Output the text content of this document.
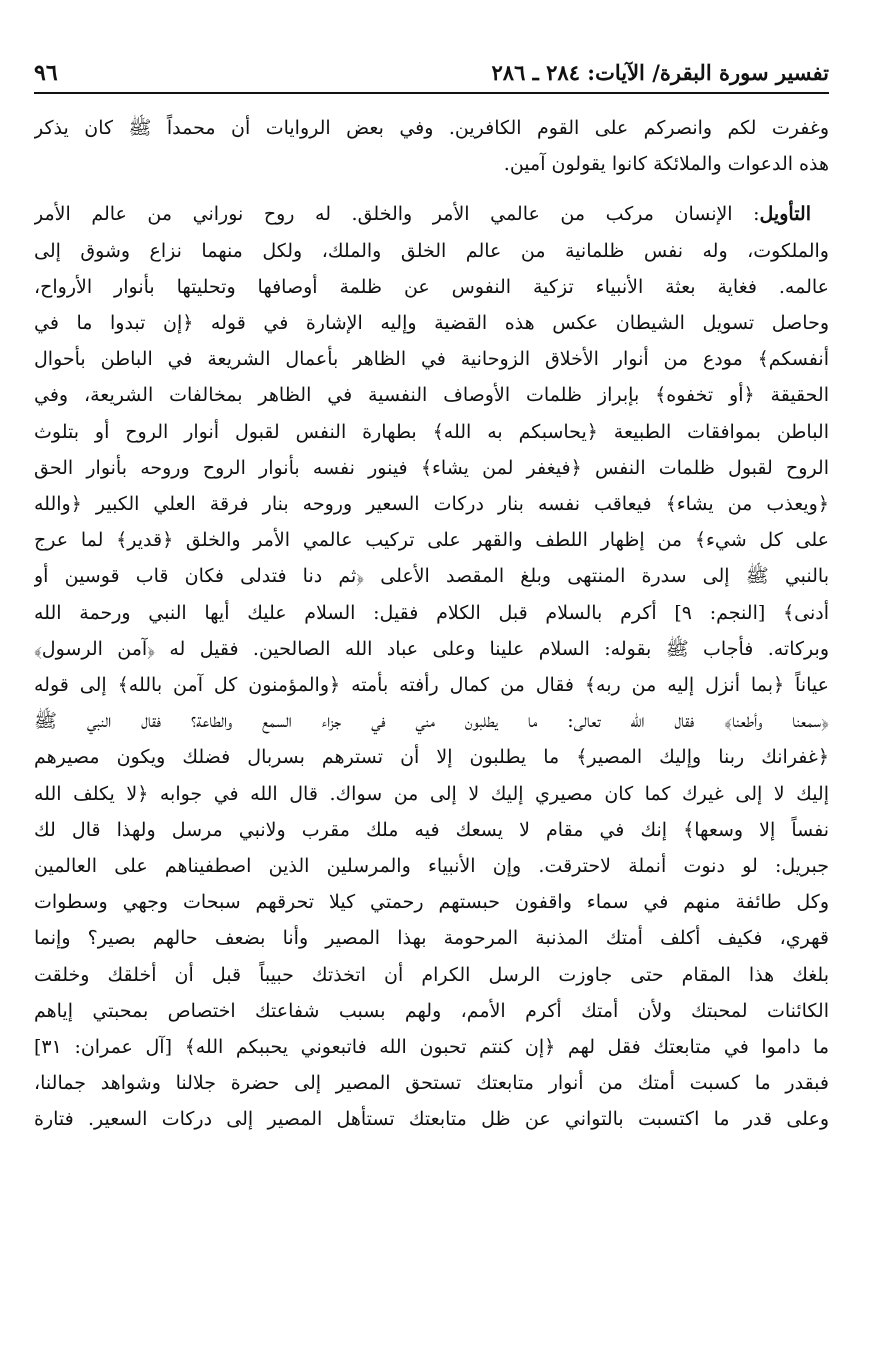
تفسير سورة البقرة/ الآيات: ٢٨٤ ـ ٢٨٦
٩٦
وغفرت لكم وانصركم على القوم الكافرين. وفي بعض الروايات أن محمداً ﷺ كان يذكر
هذه الدعوات والملائكة كانوا يقولون آمين.
التأويل: الإنسان مركب من عالمي الأمر والخلق. له روح نوراني من عالم الأمر
والملكوت، وله نفس ظلمانية من عالم الخلق والملك، ولكل منهما نزاع وشوق إلى
عالمه. فغاية بعثة الأنبياء تزكية النفوس عن ظلمة أوصافها وتحليتها بأنوار الأرواح،
وحاصل تسويل الشيطان عكس هذه القضية وإليه الإشارة في قوله ﴿إن تبدوا ما في
أنفسكم﴾ مودع من أنوار الأخلاق الزوحانية في الظاهر بأعمال الشريعة في الباطن بأحوال
الحقيقة ﴿أو تخفوه﴾ بإبراز ظلمات الأوصاف النفسية في الظاهر بمخالفات الشريعة، وفي
الباطن بموافقات الطبيعة ﴿يحاسبكم به الله﴾ بطهارة النفس لقبول أنوار الروح أو بتلوث
الروح لقبول ظلمات النفس ﴿فيغفر لمن يشاء﴾ فينور نفسه بأنوار الروح وروحه بأنوار الحق
﴿ويعذب من يشاء﴾ فيعاقب نفسه بنار دركات السعير وروحه بنار فرقة العلي الكبير ﴿والله
على كل شيء﴾ من إظهار اللطف والقهر على تركيب عالمي الأمر والخلق ﴿قدير﴾ لما عرج
بالنبي ﷺ إلى سدرة المنتهى وبلغ المقصد الأعلى ﴿ثم دنا فتدلى فكان قاب قوسين أو
أدنى﴾ [النجم: ٩] أكرم بالسلام قبل الكلام فقيل: السلام عليك أيها النبي ورحمة الله
وبركاته. فأجاب ﷺ بقوله: السلام علينا وعلى عباد الله الصالحين. فقيل له ﴿آمن الرسول﴾
عياناً ﴿بما أنزل إليه من ربه﴾ فقال من كمال رأفته بأمته ﴿والمؤمنون كل آمن بالله﴾ إلى قوله
﴿سمعنا وأطعنا﴾ فقال الله تعالى: ما يطلبون مني في جزاء السمع والطاعة؟ فقال النبي ﷺ
﴿غفرانك ربنا وإليك المصير﴾ ما يطلبون إلا أن تسترهم بسربال فضلك ويكون مصيرهم
إليك لا إلى غيرك كما كان مصيري إليك لا إلى من سواك. قال الله في جوابه ﴿لا يكلف الله
نفساً إلا وسعها﴾ إنك في مقام لا يسعك فيه ملك مقرب ولانبي مرسل ولهذا قال لك
جبريل: لو دنوت أنملة لاحترقت. وإن الأنبياء والمرسلين الذين اصطفيناهم على العالمين
وكل طائفة منهم في سماء واقفون حبستهم رحمتي كيلا تحرقهم سبحات وجهي وسطوات
قهري، فكيف أكلف أمتك المذنبة المرحومة بهذا المصير وأنا بضعف حالهم بصير؟ وإنما
بلغك هذا المقام حتى جاوزت الرسل الكرام أن اتخذتك حبيباً قبل أن أخلقك وخلقت
الكائنات لمحبتك ولأن أمتك أكرم الأمم، ولهم بسبب شفاعتك اختصاص بمحبتي إياهم
ما داموا في متابعتك فقل لهم ﴿إن كنتم تحبون الله فاتبعوني يحببكم الله﴾ [آل عمران: ٣١]
فبقدر ما كسبت أمتك من أنوار متابعتك تستحق المصير إلى حضرة جلالنا وشواهد جمالنا،
وعلى قدر ما اكتسبت بالتواني عن ظل متابعتك تستأهل المصير إلى دركات السعير. فتارة
